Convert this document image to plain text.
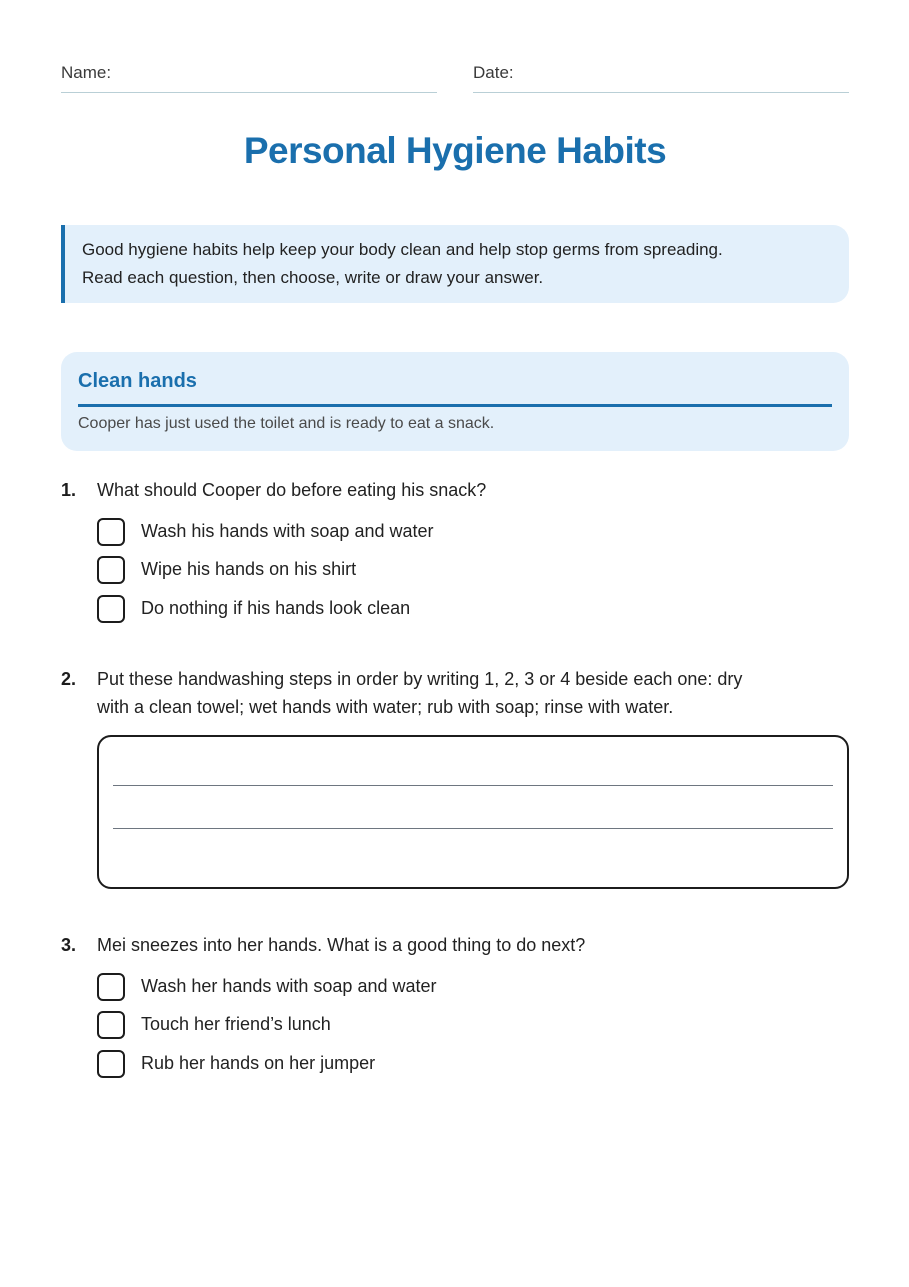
Name:	Date:
Personal Hygiene Habits
Good hygiene habits help keep your body clean and help stop germs from spreading.
Read each question, then choose, write or draw your answer.
Clean hands
Cooper has just used the toilet and is ready to eat a snack.
1. What should Cooper do before eating his snack?
Wash his hands with soap and water
Wipe his hands on his shirt
Do nothing if his hands look clean
2. Put these handwashing steps in order by writing 1, 2, 3 or 4 beside each one: dry
with a clean towel; wet hands with water; rub with soap; rinse with water.
3. Mei sneezes into her hands. What is a good thing to do next?
Wash her hands with soap and water
Touch her friend’s lunch
Rub her hands on her jumper
